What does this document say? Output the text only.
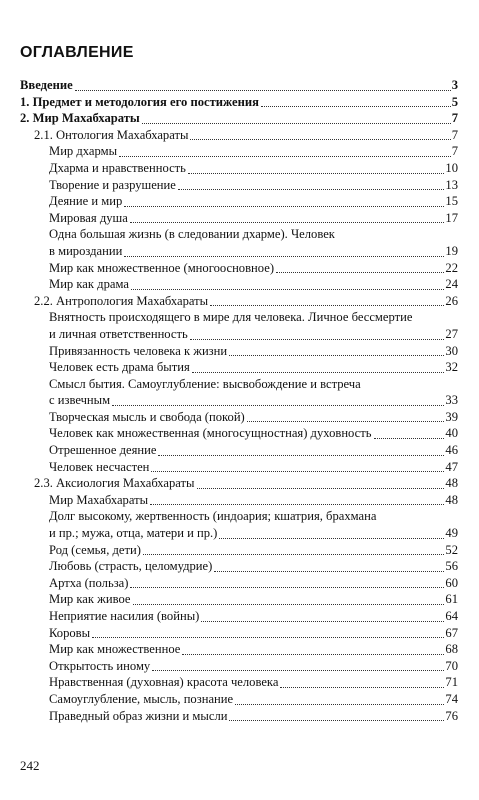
ОГЛАВЛЕНИЕ
Введение	3
1. Предмет и методология его постижения	5
2. Мир Махабхараты	7
2.1. Онтология Махабхараты	7
Мир дхармы	7
Дхарма и нравственность	10
Творение и разрушение	13
Деяние и мир	15
Мировая душа	17
Одна большая жизнь (в следовании дхарме). Человек
в мироздании	19
Мир как множественное (многоосновное)	22
Мир как драма	24
2.2. Антропология Махабхараты	26
Внятность происходящего в мире для человека. Личное бессмертие
и личная ответственность	27
Привязанность человека к жизни	30
Человек есть драма бытия	32
Смысл бытия. Самоуглубление: высвобождение и встреча
с извечным	33
Творческая мысль и свобода (покой)	39
Человек как множественная (многосущностная) духовность	40
Отрешенное деяние	46
Человек несчастен	47
2.3. Аксиология Махабхараты	48
Мир Махабхараты	48
Долг высокому, жертвенность (индоария; кшатрия, брахмана
и пр.; мужа, отца, матери и пр.)	49
Род (семья, дети)	52
Любовь (страсть, целомудрие)	56
Артха (польза)	60
Мир как живое	61
Неприятие насилия (войны)	64
Коровы	67
Мир как множественное	68
Открытость иному	70
Нравственная (духовная) красота человека	71
Самоуглубление, мысль, познание	74
Праведный образ жизни и мысли	76
242
